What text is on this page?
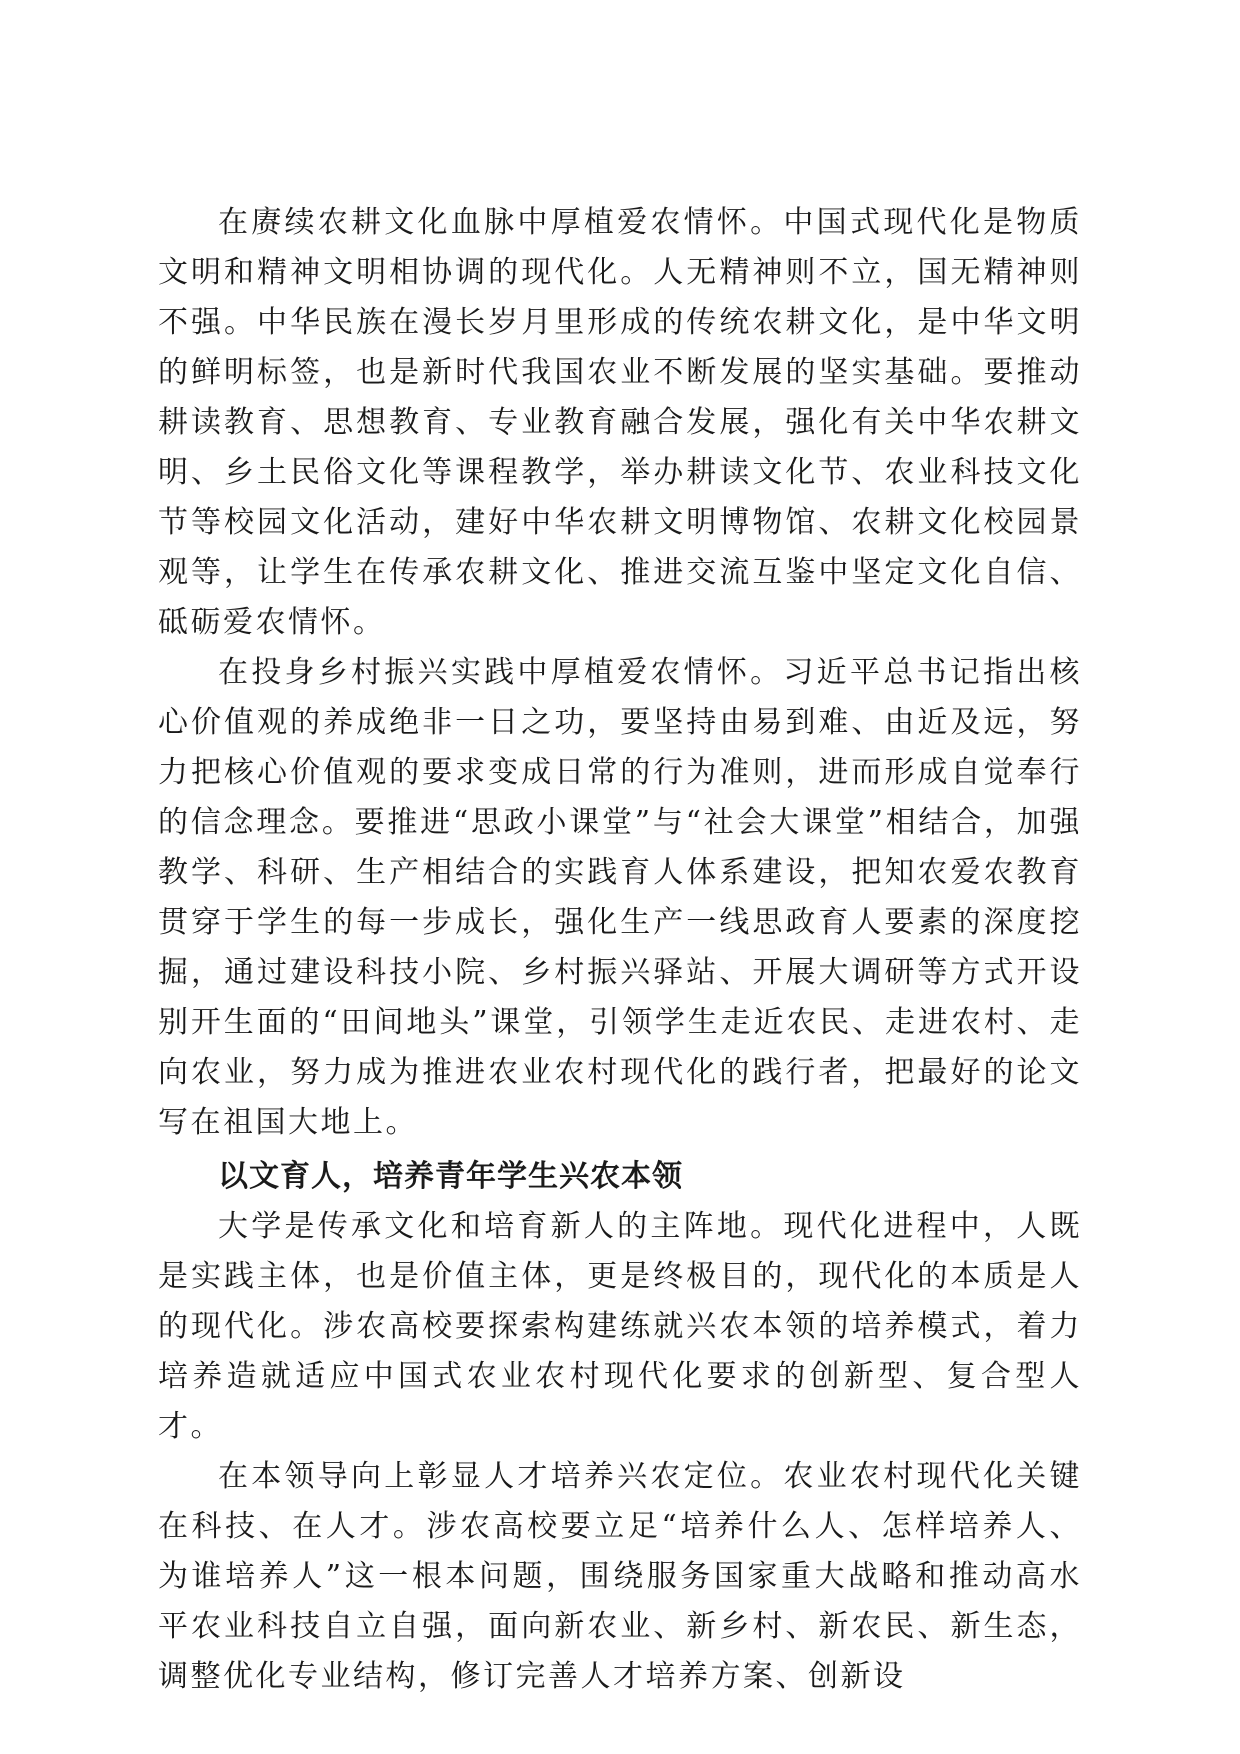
在赓续农耕文化血脉中厚植爱农情怀。中国式现代化是物质文明和精神文明相协调的现代化。人无精神则不立，国无精神则不强。中华民族在漫长岁月里形成的传统农耕文化，是中华文明的鲜明标签，也是新时代我国农业不断发展的坚实基础。要推动耕读教育、思想教育、专业教育融合发展，强化有关中华农耕文明、乡土民俗文化等课程教学，举办耕读文化节、农业科技文化节等校园文化活动，建好中华农耕文明博物馆、农耕文化校园景观等，让学生在传承农耕文化、推进交流互鉴中坚定文化自信、砥砺爱农情怀。

在投身乡村振兴实践中厚植爱农情怀。习近平总书记指出核心价值观的养成绝非一日之功，要坚持由易到难、由近及远，努力把核心价值观的要求变成日常的行为准则，进而形成自觉奉行的信念理念。要推进“思政小课堂”与“社会大课堂”相结合，加强教学、科研、生产相结合的实践育人体系建设，把知农爱农教育贯穿于学生的每一步成长，强化生产一线思政育人要素的深度挖掘，通过建设科技小院、乡村振兴驿站、开展大调研等方式开设别开生面的“田间地头”课堂，引领学生走近农民、走进农村、走向农业，努力成为推进农业农村现代化的践行者，把最好的论文写在祖国大地上。

以文育人，培养青年学生兴农本领

大学是传承文化和培育新人的主阵地。现代化进程中，人既是实践主体，也是价值主体，更是终极目的，现代化的本质是人的现代化。涉农高校要探索构建练就兴农本领的培养模式，着力培养造就适应中国式农业农村现代化要求的创新型、复合型人才。

在本领导向上彰显人才培养兴农定位。农业农村现代化关键在科技、在人才。涉农高校要立足“培养什么人、怎样培养人、为谁培养人”这一根本问题，围绕服务国家重大战略和推动高水平农业科技自立自强，面向新农业、新乡村、新农民、新生态，调整优化专业结构，修订完善人才培养方案、创新设
